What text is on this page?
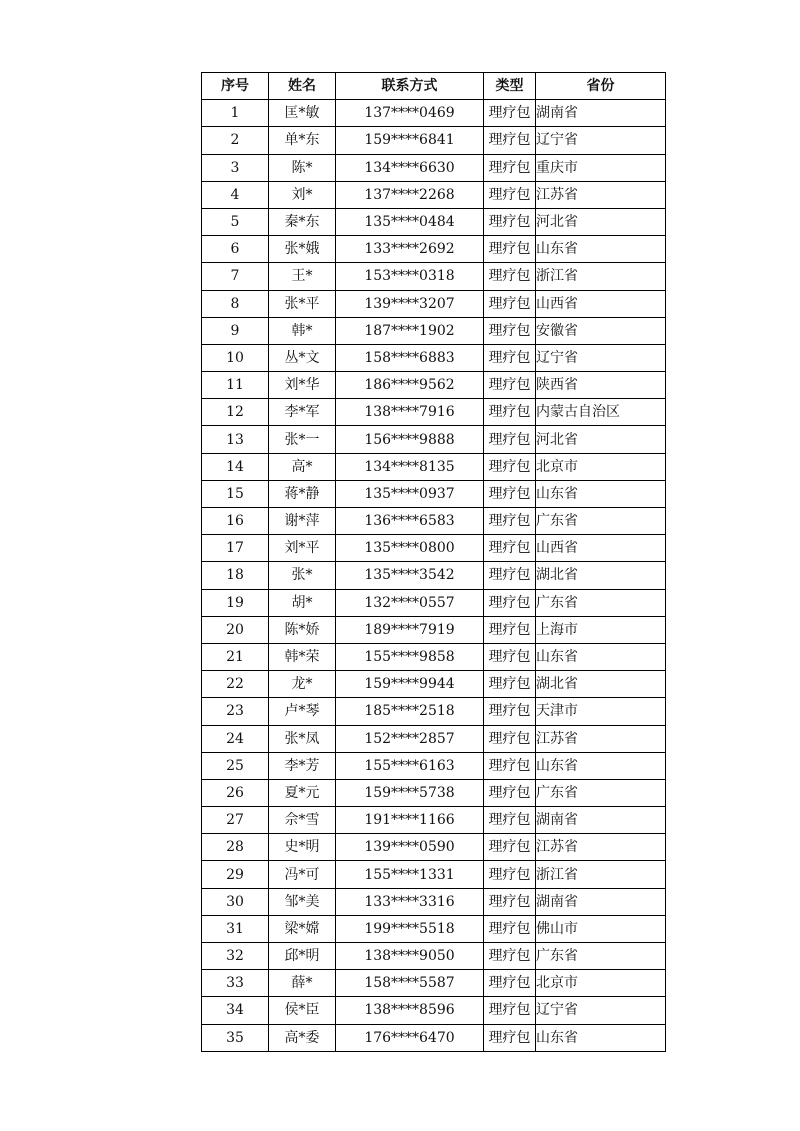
序号	姓名	联系方式	类型	省份
1	匡*敏	137****0469	理疗包	湖南省
2	单*东	159****6841	理疗包	辽宁省
3	陈*	134****6630	理疗包	重庆市
4	刘*	137****2268	理疗包	江苏省
5	秦*东	135****0484	理疗包	河北省
6	张*娥	133****2692	理疗包	山东省
7	王*	153****0318	理疗包	浙江省
8	张*平	139****3207	理疗包	山西省
9	韩*	187****1902	理疗包	安徽省
10	丛*文	158****6883	理疗包	辽宁省
11	刘*华	186****9562	理疗包	陕西省
12	李*军	138****7916	理疗包	内蒙古自治区
13	张*一	156****9888	理疗包	河北省
14	高*	134****8135	理疗包	北京市
15	蒋*静	135****0937	理疗包	山东省
16	谢*萍	136****6583	理疗包	广东省
17	刘*平	135****0800	理疗包	山西省
18	张*	135****3542	理疗包	湖北省
19	胡*	132****0557	理疗包	广东省
20	陈*娇	189****7919	理疗包	上海市
21	韩*荣	155****9858	理疗包	山东省
22	龙*	159****9944	理疗包	湖北省
23	卢*琴	185****2518	理疗包	天津市
24	张*凤	152****2857	理疗包	江苏省
25	李*芳	155****6163	理疗包	山东省
26	夏*元	159****5738	理疗包	广东省
27	佘*雪	191****1166	理疗包	湖南省
28	史*明	139****0590	理疗包	江苏省
29	冯*可	155****1331	理疗包	浙江省
30	邹*美	133****3316	理疗包	湖南省
31	梁*嫦	199****5518	理疗包	佛山市
32	邱*明	138****9050	理疗包	广东省
33	薛*	158****5587	理疗包	北京市
34	侯*臣	138****8596	理疗包	辽宁省
35	高*委	176****6470	理疗包	山东省
